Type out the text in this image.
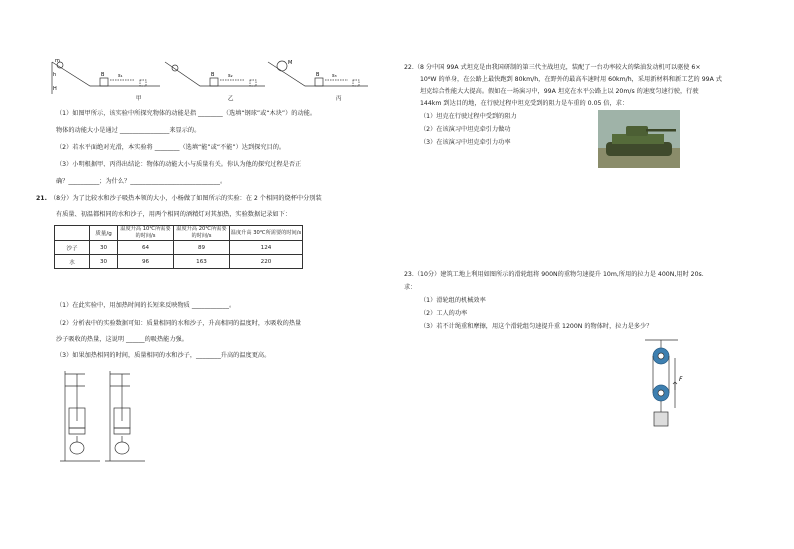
m
h
H
B	s₁	B	s₂
M
B	s₃
甲	乙	丙
（1）如图甲所示，该实验中所探究物体的动能是指 ________（选填“钢球”或“木块”）的动能。
物体的动能大小是通过 ________________来显示的。
（2）若水平面绝对光滑，本实验将 ________（选填“能”或“不能”）达到探究目的。
（3）小明根据甲、丙得出结论：物体的动能大小与质量有关。你认为他的探究过程是否正
确？__________；为什么？_____________________________。
21. （8分）为了比较水和沙子吸热本领的大小，小杨做了如图所示的实验：在 2 个相同的烧杯中分别装
有质量、初温都相同的水和沙子，用两个相同的酒精灯对其加热，实验数据记录如下：
	质量/g	温度升高 10℃所需要的时间/s	温度升高 20℃所需要的时间/s	温度升高 30℃所需要的时间/s
沙子	30	64	89	124
水	30	96	163	220
（1）在此实验中，用加热时间的长短来反映物质 ____________。
（2）分析表中的实验数据可知：质量相同的水和沙子，升高相同的温度时，水吸收的热量
沙子吸收的热量，这说明 ______的吸热能力强。
（3）如果加热相同的时间，质量相同的水和沙子，________升高的温度更高。
22.（8 分中国 99A 式坦克是由我国研制的第三代主战坦克，装配了一台功率较大的柴油发动机可以驱使 6×
10⁶W 的单身，在公路上最快跑到 80km/h，在野外的最高车速时用 60km/h，采用新材料和新工艺的 99A 式
坦克综合性能大大提高。假如在一场演习中，99A 坦克在水平公路上以 20m/s 的速度匀速行驶，行驶
144km 到达目的地，在行驶过程中坦克受到的阻力是车重的 0.05 倍，求：
（1）坦克在行驶过程中受到的阻力
（2）在该演习中坦克牵引力做功
（3）在该演习中坦克牵引力功率
23.（10分）建筑工地上利用如图所示的滑轮组将 900N的重物匀速提升 10m,所用的拉力是 400N,用时 20s.
求：
（1）滑轮组的机械效率
（2）工人的功率
（3）若不计绳重和摩擦，用这个滑轮组匀速提升重 1200N 的物体时，拉力是多少？
F
